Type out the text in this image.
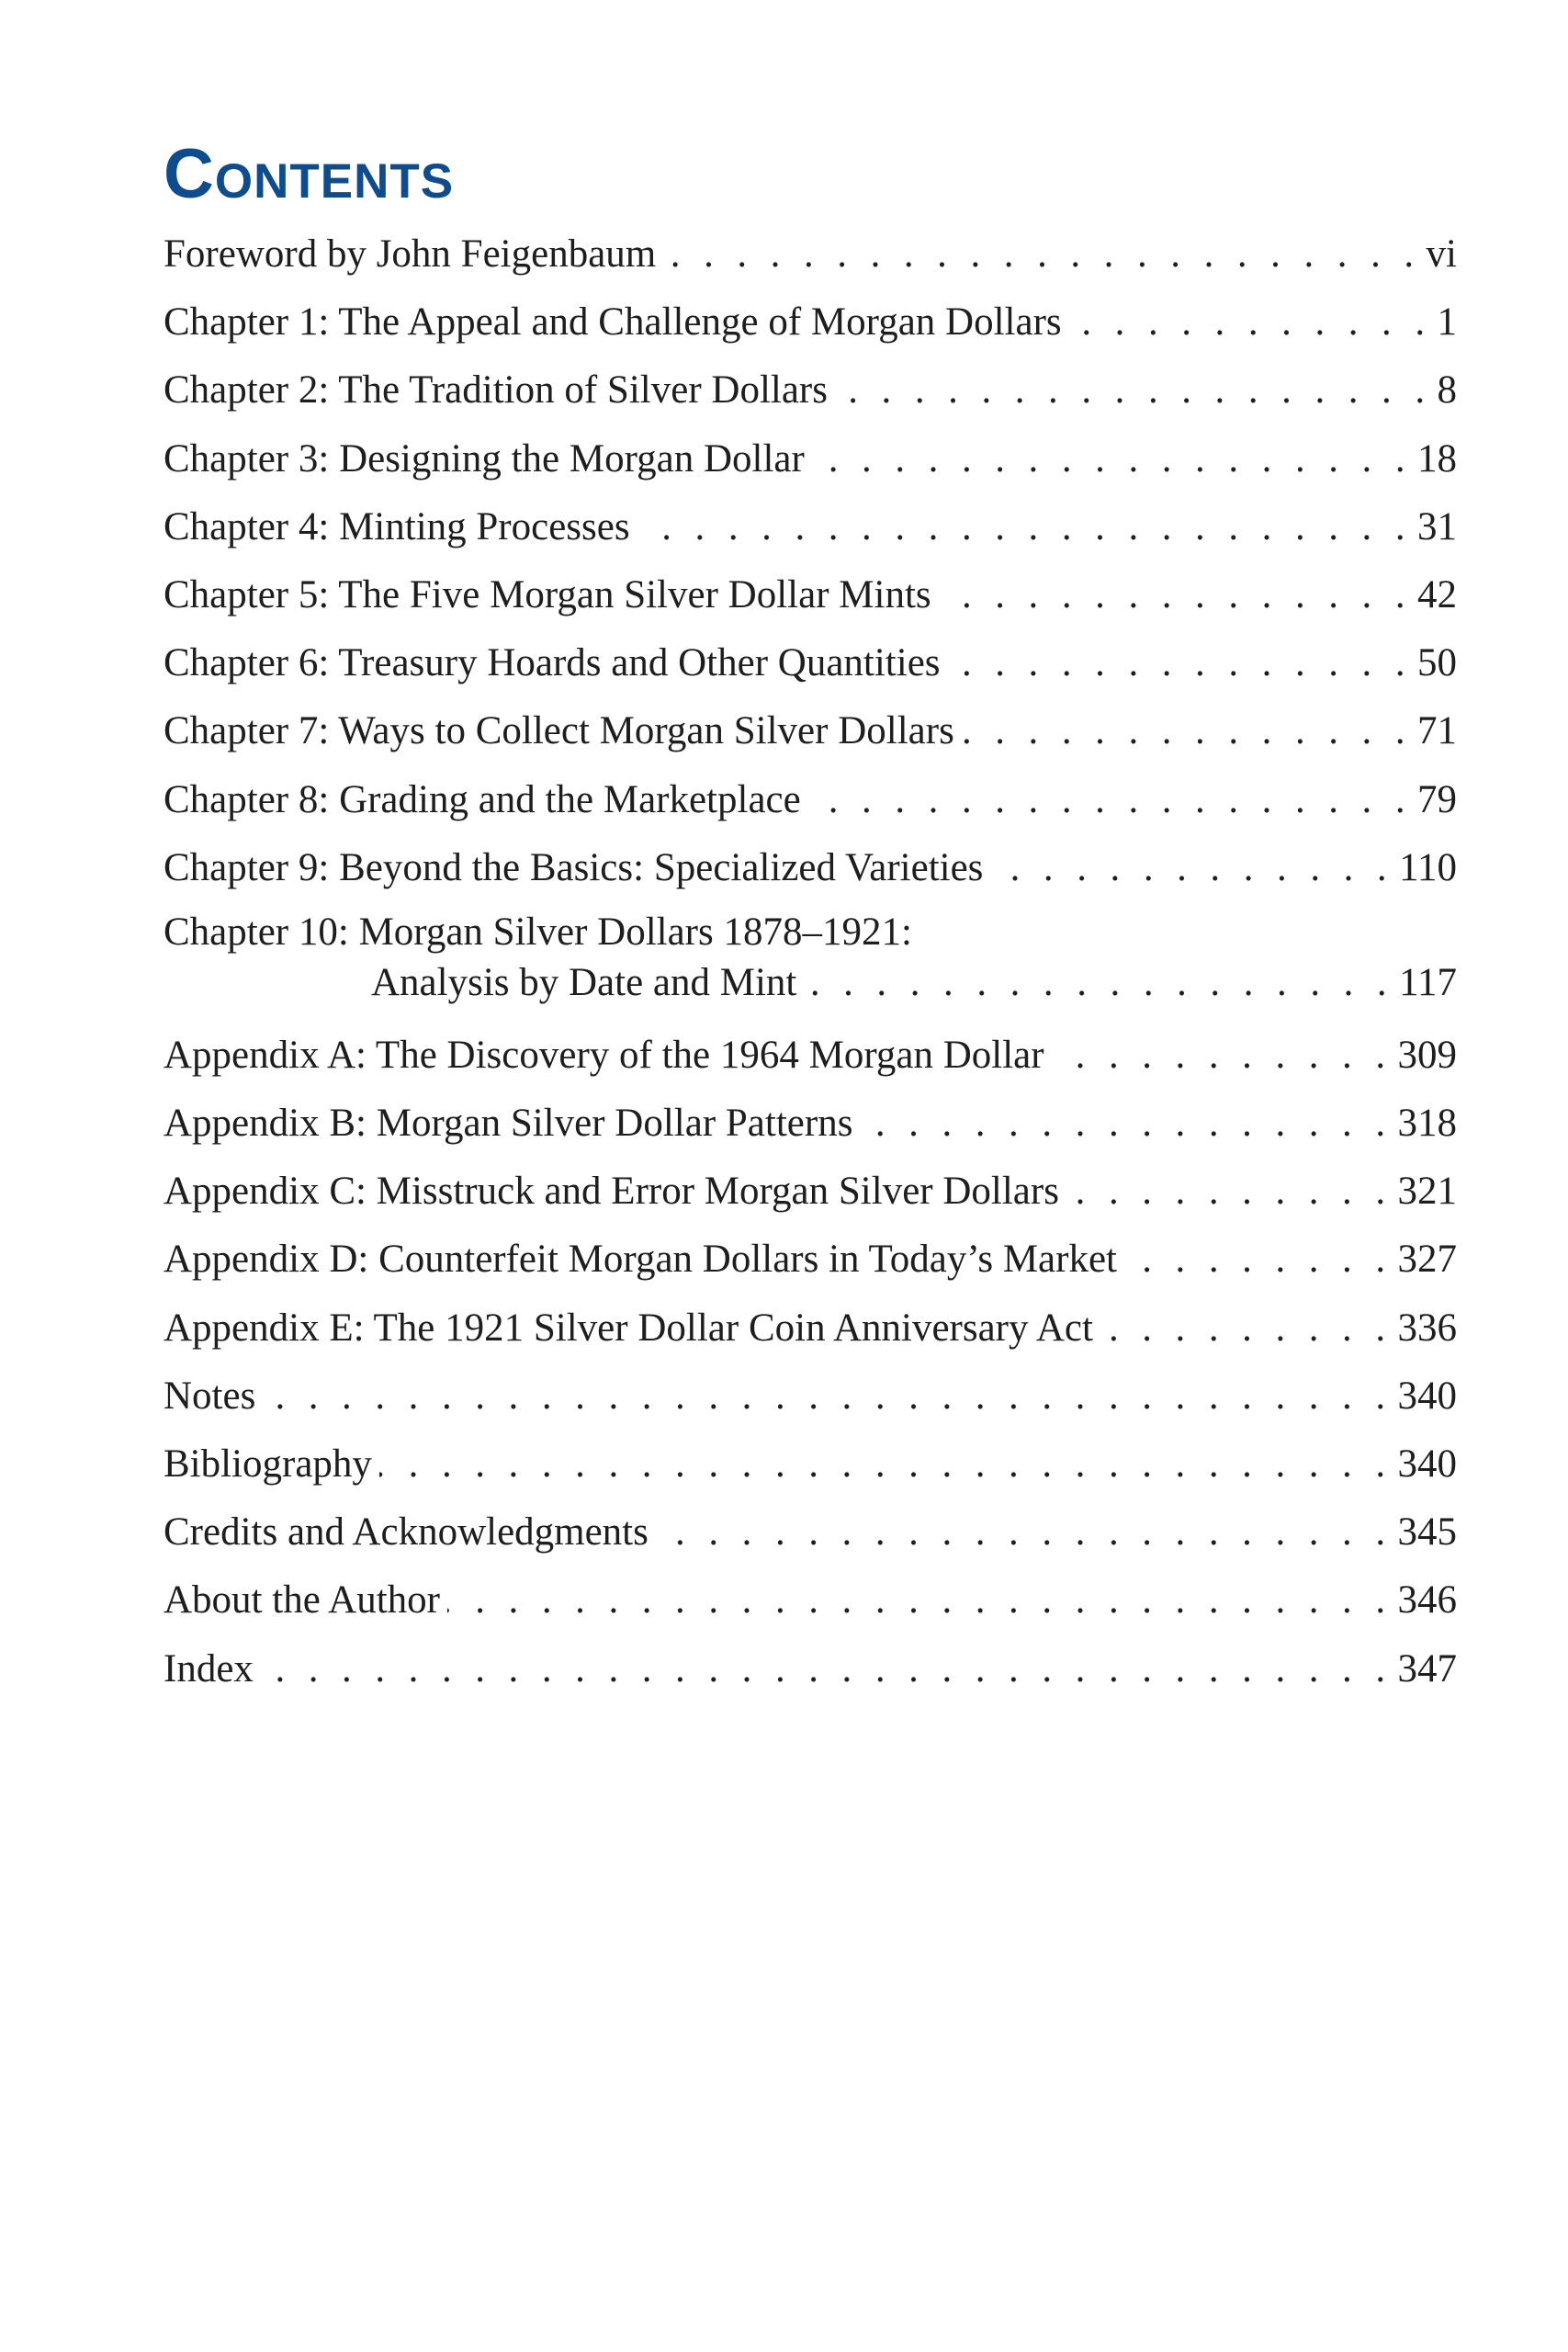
Contents
Foreword by John Feigenbaum . . .	vi
Chapter 1: The Appeal and Challenge of Morgan Dollars . . .	1
Chapter 2: The Tradition of Silver Dollars . . .	8
Chapter 3: Designing the Morgan Dollar . . .	18
Chapter 4: Minting Processes . . .	31
Chapter 5: The Five Morgan Silver Dollar Mints . . .	42
Chapter 6: Treasury Hoards and Other Quantities . . .	50
Chapter 7: Ways to Collect Morgan Silver Dollars . . .	71
Chapter 8: Grading and the Marketplace . . .	79
Chapter 9: Beyond the Basics: Specialized Varieties . . .	110
Chapter 10: Morgan Silver Dollars 1878–1921:
Analysis by Date and Mint . . .	117
Appendix A: The Discovery of the 1964 Morgan Dollar . . .	309
Appendix B: Morgan Silver Dollar Patterns . . .	318
Appendix C: Misstruck and Error Morgan Silver Dollars . . .	321
Appendix D: Counterfeit Morgan Dollars in Today’s Market . . .	327
Appendix E: The 1921 Silver Dollar Coin Anniversary Act . . .	336
Notes . . .	340
Bibliography . . .	340
Credits and Acknowledgments . . .	345
About the Author . . .	346
Index . . .	347
